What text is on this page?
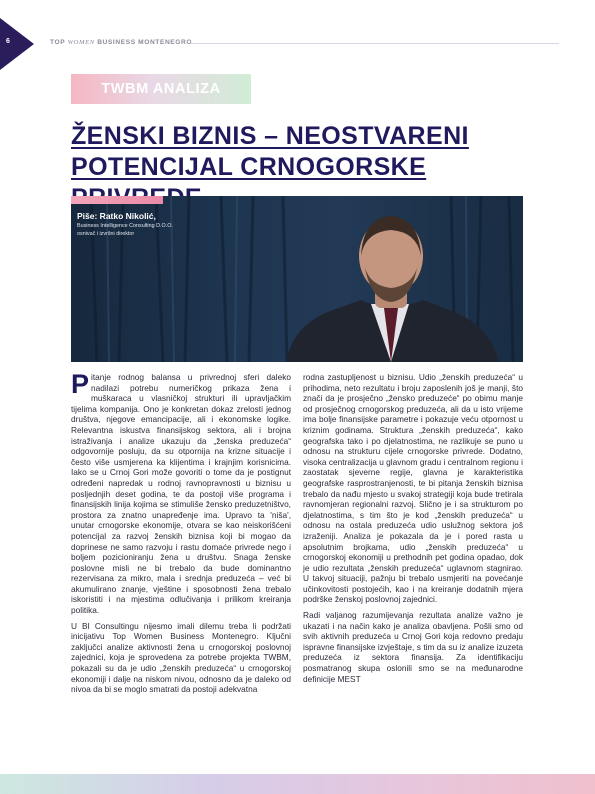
6	TOP WOMEN BUSINESS MONTENEGRO
TWBM ANALIZA
ŽENSKI BIZNIS – NEOSTVARENI
POTENCIJAL CRNOGORSKE
Piše: Ratko Nikolić,
Business Intelligence Consulting D.O.O.
osnivač i izvršni direktor

Pitanje rodnog balansa u privrednoj sferi daleko nadilazi potrebu numeričkog prikaza žena i muškaraca u vlasničkoj strukturi ili upravljačkim tijelima kompanija. Ono je konkretan dokaz zrelosti jednog društva, njegove emancipacije, ali i ekonomske logike. Relevantna iskustva finansijskog sektora, ali i brojna istraživanja i analize ukazuju da „ženska preduzeća“ odgovornije posluju, da su otpornija na krizne situacije i često više usmjerena ka klijentima i krajnjim korisnicima. Iako se u Crnoj Gori može govoriti o tome da je postignut određeni napredak u rodnoj ravnopravnosti u biznisu u posljednjih deset godina, te da postoji više programa i finansijskih linija kojima se stimuliše žensko preduzetništvo, prostora za znatno unapređenje ima. Upravo ta 'niša', unutar crnogorske ekonomije, otvara se kao neiskorišćeni potencijal za razvoj ženskih biznisa koji bi mogao da doprinese ne samo razvoju i rastu domaće privrede nego i boljem pozicioniranju žena u društvu. Snaga ženske poslovne misli ne bi trebalo da bude dominantno rezervisana za mikro, mala i srednja preduzeća – već bi akumulirano znanje, vještine i sposobnosti žena trebalo iskoristiti i na mjestima odlučivanja i prilikom kreiranja politika.

U BI Consultingu nijesmo imali dilemu treba li podržati inicijativu Top Women Business Montenegro. Ključni zaključci analize aktivnosti žena u crnogorskoj poslovnoj zajednici, koja je sprovedena za potrebe projekta TWBM, pokazali su da je udio „ženskih preduzeća“ u crnogorskoj ekonomiji i dalje na niskom nivou, odnosno da je daleko od nivoa da bi se moglo smatrati da postoji adekvatna

rodna zastupljenost u biznisu. Udio „ženskih preduzeća“ u prihodima, neto rezultatu i broju zaposlenih još je manji, što znači da je prosječno „žensko preduzeće“ po obimu manje od prosječnog crnogorskog preduzeća, ali da u isto vrijeme ima bolje finansijske parametre i pokazuje veću otpornost u kriznim godinama. Struktura „ženskih preduzeća“, kako geografska tako i po djelatnostima, ne razlikuje se puno u odnosu na strukturu cijele crnogorske privrede. Dodatno, visoka centralizacija u glavnom gradu i centralnom regionu i zaostatak sjeverne regije, glavna je karakteristika geografske rasprostranjenosti, te bi pitanja ženskih biznisa trebalo da nađu mjesto u svakoj strategiji koja bude tretirala ravnomjeran regionalni razvoj. Slično je i sa strukturom po djelatnostima, s tim što je kod „ženskih preduzeća“ u odnosu na ostala preduzeća udio uslužnog sektora još izraženiji. Analiza je pokazala da je i pored rasta u apsolutnim brojkama, udio „ženskih preduzeća“ u crnogorskoj ekonomiji u prethodnih pet godina opadao, dok je udio rezultata „ženskih preduzeća“ uglavnom stagnirao. U takvoj situaciji, pažnju bi trebalo usmjeriti na povećanje učinkovitosti postojećih, kao i na kreiranje dodatnih mjera podrške ženskoj poslovnoj zajednici.

Radi valjanog razumijevanja rezultata analize važno je ukazati i na način kako je analiza obavljena. Pošli smo od svih aktivnih preduzeća u Crnoj Gori koja redovno predaju ispravne finansijske izvještaje, s tim da su iz analize izuzeta preduzeća iz sektora finansija. Za identifikaciju posmatranog skupa oslonili smo se na međunarodne definicije MEST
